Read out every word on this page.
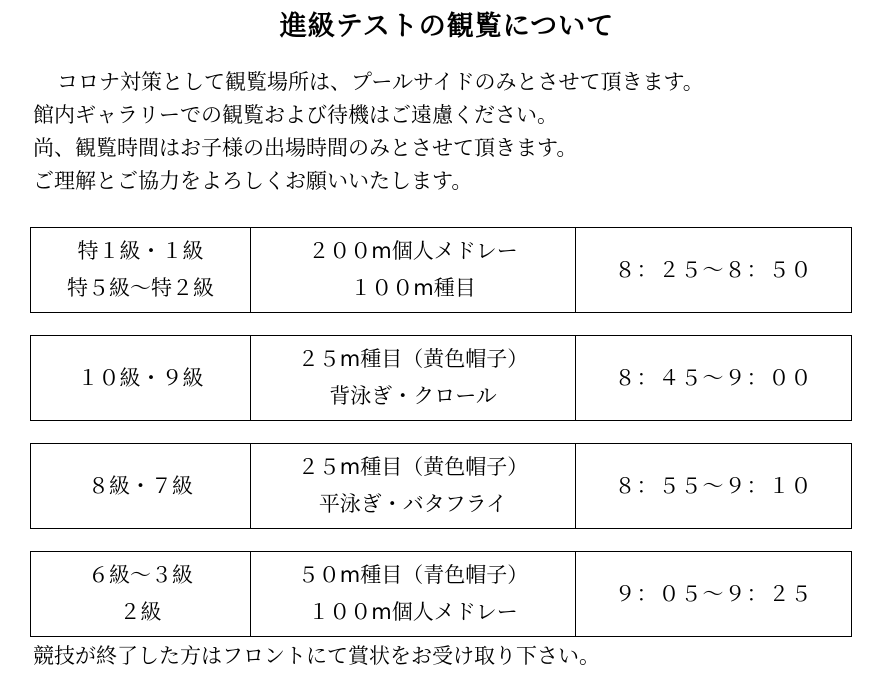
進級テストの観覧について
コロナ対策として観覧場所は、プールサイドのみとさせて頂きます。
館内ギャラリーでの観覧および待機はご遠慮ください。
尚、観覧時間はお子様の出場時間のみとさせて頂きます。
ご理解とご協力をよろしくお願いいたします。
特１級・１級
特５級～特２級
２００m個人メドレー
１００m種目
８：２５～８：５０
１０級・９級
２５m種目（黄色帽子）
背泳ぎ・クロール
８：４５～９：００
８級・７級
２５m種目（黄色帽子）
平泳ぎ・バタフライ
８：５５～９：１０
６級～３級
２級
５０m種目（青色帽子）
１００m個人メドレー
９：０５～９：２５
競技が終了した方はフロントにて賞状をお受け取り下さい。
